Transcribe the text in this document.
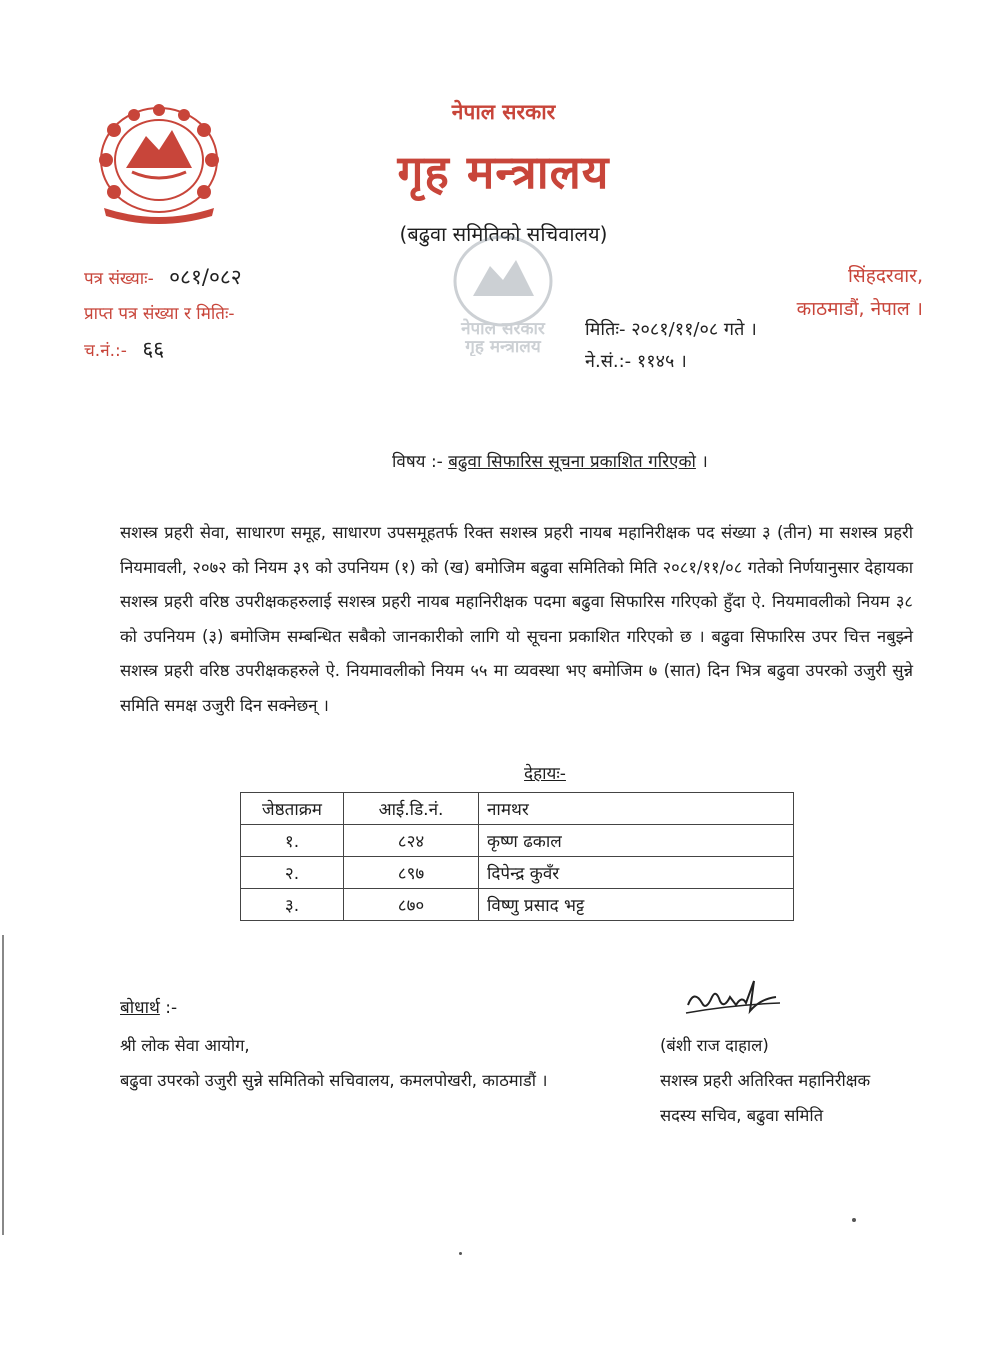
नेपाल सरकार
गृह मन्त्रालय
(बढुवा समितिको सचिवालय)
नेपाल सरकार
गृह मन्त्रालय
पत्र संख्याः- ०८१/०८२
प्राप्त पत्र संख्या र मितिः-
च.नं.:- ६६
सिंहदरवार,
काठमाडौं, नेपाल ।
मितिः- २०८१/११/०८ गते ।
ने.सं.:- ११४५ ।
विषय :- बढुवा सिफारिस सूचना प्रकाशित गरिएको ।
सशस्त्र प्रहरी सेवा, साधारण समूह, साधारण उपसमूहतर्फ रिक्त सशस्त्र प्रहरी नायब महानिरीक्षक पद संख्या ३ (तीन) मा सशस्त्र प्रहरी नियमावली, २०७२ को नियम ३९ को उपनियम (१) को (ख) बमोजिम बढुवा समितिको मिति २०८१/११/०८ गतेको निर्णयानुसार देहायका सशस्त्र प्रहरी वरिष्ठ उपरीक्षकहरुलाई सशस्त्र प्रहरी नायब महानिरीक्षक पदमा बढुवा सिफारिस गरिएको हुँदा ऐ. नियमावलीको नियम ३८ को उपनियम (३) बमोजिम सम्बन्धित सबैको जानकारीको लागि यो सूचना प्रकाशित गरिएको छ । बढुवा सिफारिस उपर चित्त नबुझ्ने सशस्त्र प्रहरी वरिष्ठ उपरीक्षकहरुले ऐ. नियमावलीको नियम ५५ मा व्यवस्था भए बमोजिम ७ (सात) दिन भित्र बढुवा उपरको उजुरी सुन्ने समिति समक्ष उजुरी दिन सक्नेछन् ।
देहायः-
जेष्ठताक्रम	आई.डि.नं.	नामथर
१.	८२४	कृष्ण ढकाल
२.	८९७	दिपेन्द्र कुवँर
३.	८७०	विष्णु प्रसाद भट्ट
बोधार्थ :-
श्री लोक सेवा आयोग,
बढुवा उपरको उजुरी सुन्ने समितिको सचिवालय, कमलपोखरी, काठमाडौं ।
(बंशी राज दाहाल)
सशस्त्र प्रहरी अतिरिक्त महानिरीक्षक
सदस्य सचिव, बढुवा समिति
